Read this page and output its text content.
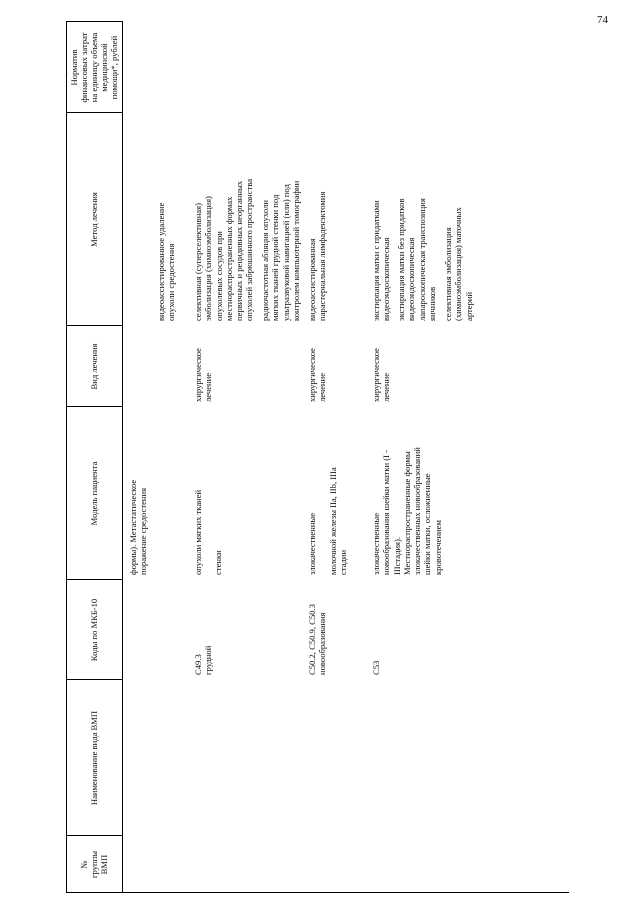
74
№
группы
ВМП
Наименование вида ВМП
Коды по МКБ-10
Модель пациента
Вид лечения
Метод лечения
Норматив
финансовых затрат
на единицу объема
медицинской
помощи*, рублей
формы). Метастатическое
поражение средостения
видеоассистированное удаление
опухоли средостения
C49.3
опухоли мягких тканей
хирургическое
лечение
селективная (суперселективная)
эмболизация (химиоэмболизация)
опухолевых сосудов при
местнораспространенных формах
первичных и рецидивных неорганных
опухолей забрюшинного пространства
грудной
стенки
радиочастотная абляция опухоли
мягких тканей грудной стенки под
ультразвуковой навигацией (или) под
контролем компьютерной томографии
C50.2, C50.9, C50.3
новообразования
злокачественные

молочной железы IIa, IIb, IIIa
стадии
хирургическое
лечение
видеоассистированная
парастернальная лимфаденэктомия
C53
злокачественные
новообразования шейки матки (I -
IIIстадия).
Местнораспространенные формы
злокачественных новообразований
шейки матки, осложненные
кровотечением
хирургическое
лечение
экстирпация матки с придатками
видеоэндоскопическая экстирпация матки без придатков
видеоэндоскопическая
лапароскопическая транспозиция
яичников селективная эмболизация
(химиоэмболизация) маточных
артерий
